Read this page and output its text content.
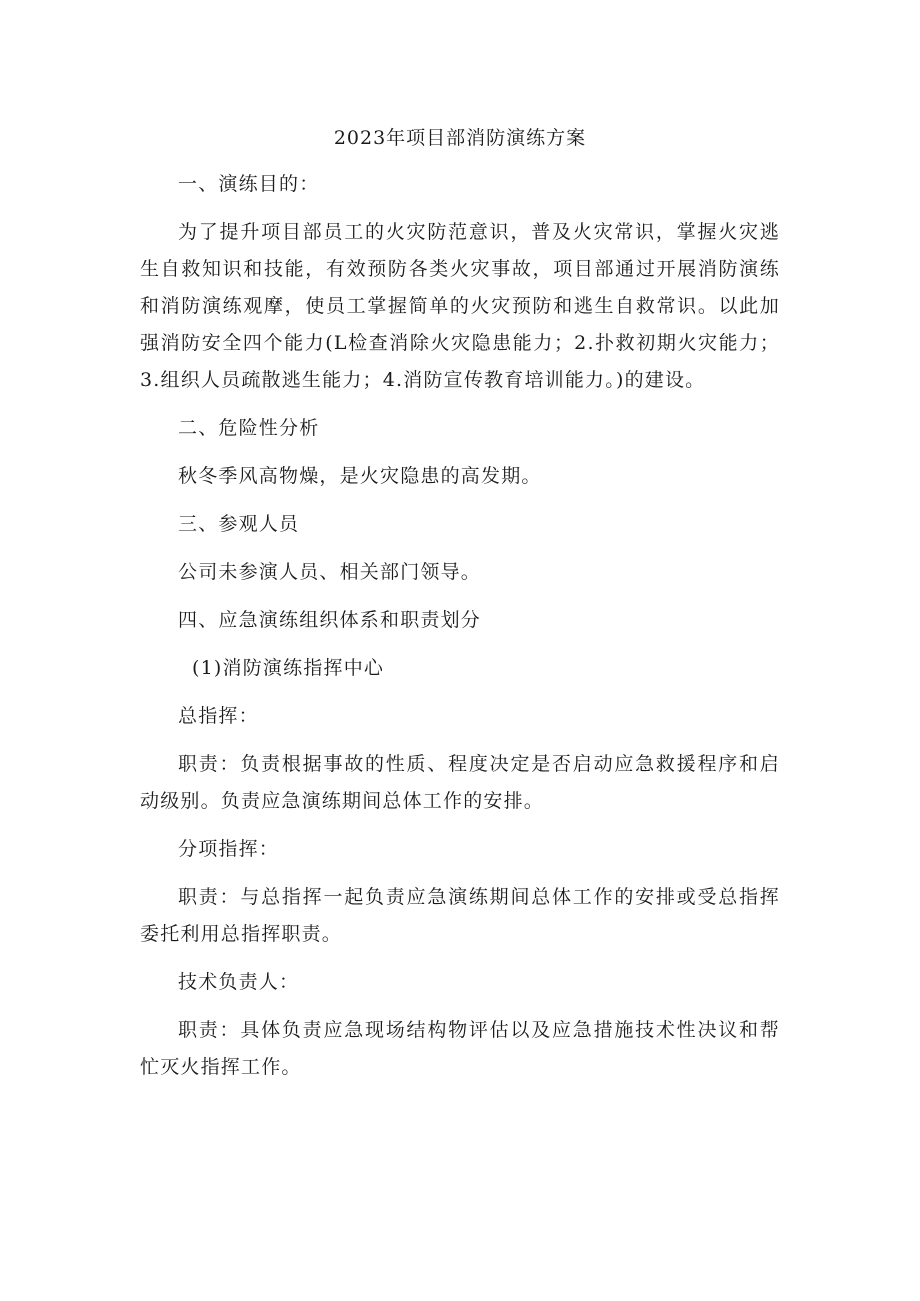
2023年项目部消防演练方案

一、演练目的：

为了提升项目部员工的火灾防范意识，普及火灾常识，掌握火灾逃生自救知识和技能，有效预防各类火灾事故，项目部通过开展消防演练和消防演练观摩，使员工掌握简单的火灾预防和逃生自救常识。以此加强消防安全四个能力(L检查消除火灾隐患能力；2.扑救初期火灾能力；3.组织人员疏散逃生能力；4.消防宣传教育培训能力。)的建设。

二、危险性分析

秋冬季风高物燥，是火灾隐患的高发期。

三、参观人员

公司未参演人员、相关部门领导。

四、应急演练组织体系和职责划分

(1)消防演练指挥中心

总指挥：

职责：负责根据事故的性质、程度决定是否启动应急救援程序和启动级别。负责应急演练期间总体工作的安排。

分项指挥：

职责：与总指挥一起负责应急演练期间总体工作的安排或受总指挥委托利用总指挥职责。

技术负责人：

职责：具体负责应急现场结构物评估以及应急措施技术性决议和帮忙灭火指挥工作。
